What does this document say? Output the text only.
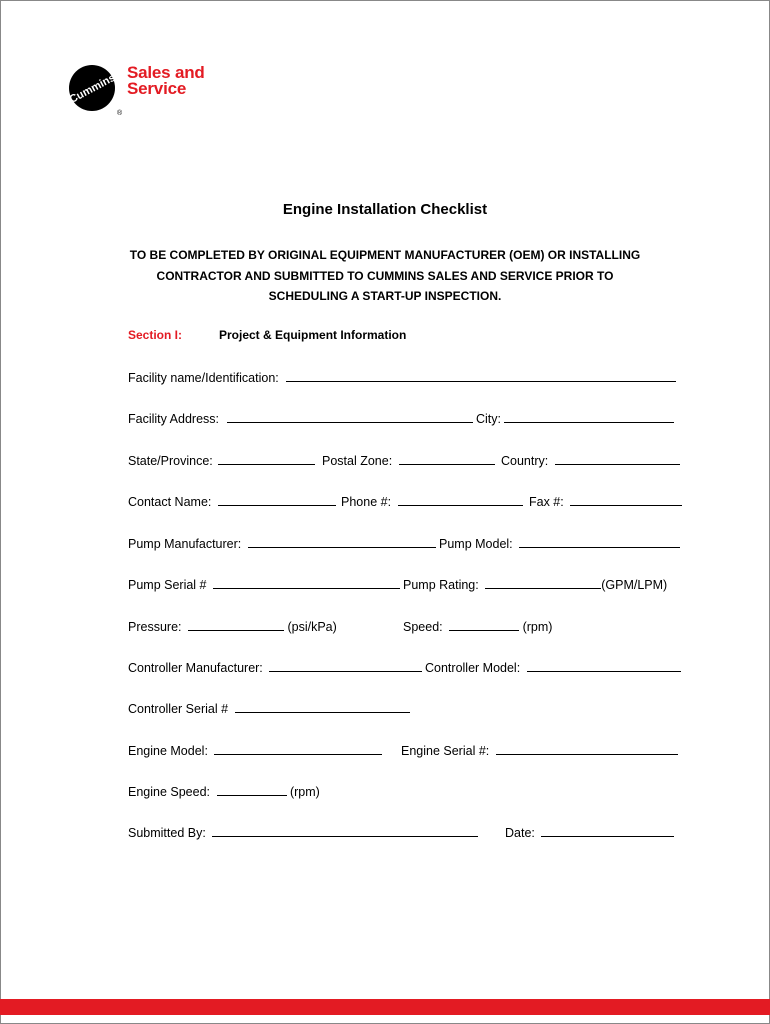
Cummins
®
Sales and
Service
Engine Installation Checklist
TO BE COMPLETED BY ORIGINAL EQUIPMENT MANUFACTURER (OEM) OR INSTALLING
CONTRACTOR AND SUBMITTED TO CUMMINS SALES AND SERVICE PRIOR TO
SCHEDULING A START-UP INSPECTION.
Section I:	Project & Equipment Information
Facility name/Identification:
Facility Address:	City:
State/Province:	Postal Zone:	Country:
Contact Name:	Phone #:	Fax #:
Pump Manufacturer:	Pump Model:
Pump Serial #	Pump Rating:	(GPM/LPM)
Pressure:	(psi/kPa)	Speed:	(rpm)
Controller Manufacturer:	Controller Model:
Controller Serial #
Engine Model:	Engine Serial #:
Engine Speed:	(rpm)
Submitted By:	Date:
